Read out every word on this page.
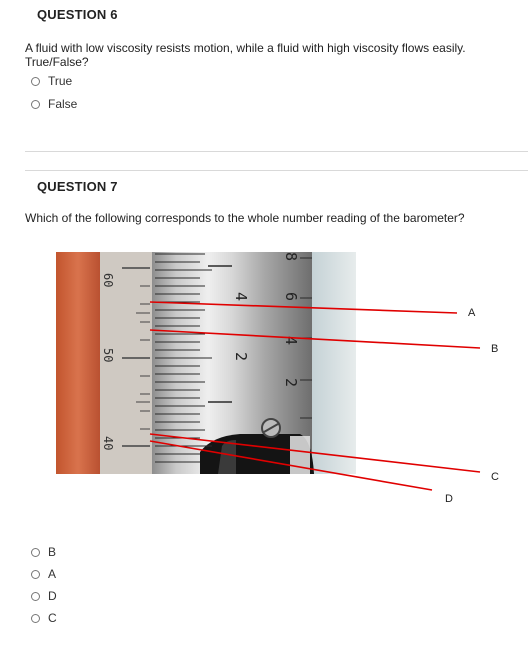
QUESTION 6
A fluid with low viscosity resists motion, while a fluid with high viscosity flows easily. True/False?
True
False
QUESTION 7
Which of the following corresponds to the whole number reading of the barometer?
60
50
40
8
4 6
4
2
2
A
B
C
D
B
A
D
C
